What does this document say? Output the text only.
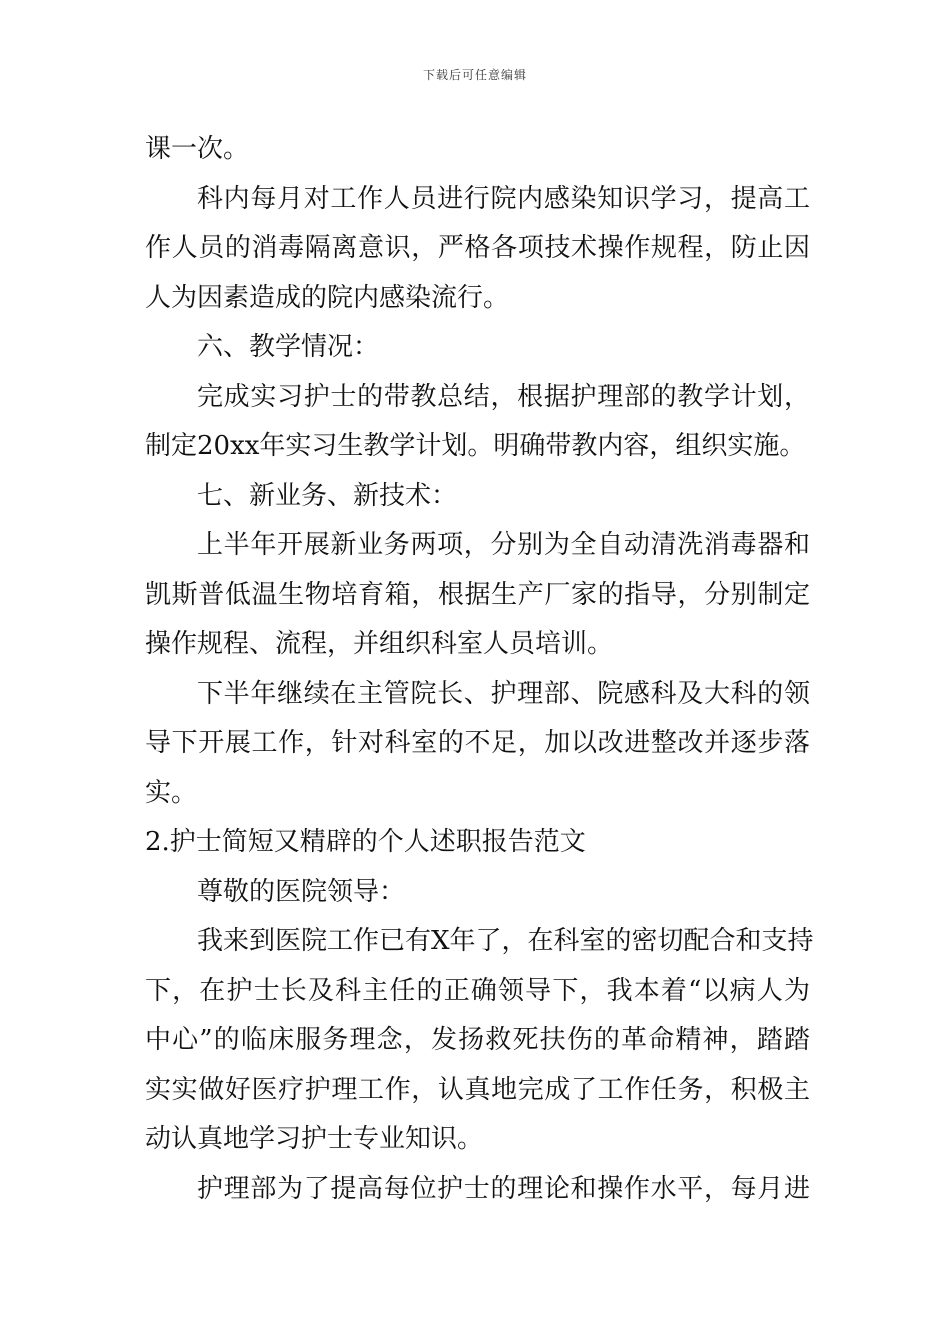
下载后可任意编辑
课一次。
科内每月对工作人员进行院内感染知识学习，提高工
作人员的消毒隔离意识，严格各项技术操作规程，防止因
人为因素造成的院内感染流行。
六、教学情况：
完成实习护士的带教总结，根据护理部的教学计划，
制定20xx年实习生教学计划。明确带教内容，组织实施。
七、新业务、新技术：
上半年开展新业务两项，分别为全自动清洗消毒器和
凯斯普低温生物培育箱，根据生产厂家的指导，分别制定
操作规程、流程，并组织科室人员培训。
下半年继续在主管院长、护理部、院感科及大科的领
导下开展工作，针对科室的不足，加以改进整改并逐步落
实。
2.护士简短又精辟的个人述职报告范文
尊敬的医院领导：
我来到医院工作已有X年了，在科室的密切配合和支持
下，在护士长及科主任的正确领导下，我本着“以病人为
中心”的临床服务理念，发扬救死扶伤的革命精神，踏踏
实实做好医疗护理工作，认真地完成了工作任务，积极主
动认真地学习护士专业知识。
护理部为了提高每位护士的理论和操作水平，每月进
